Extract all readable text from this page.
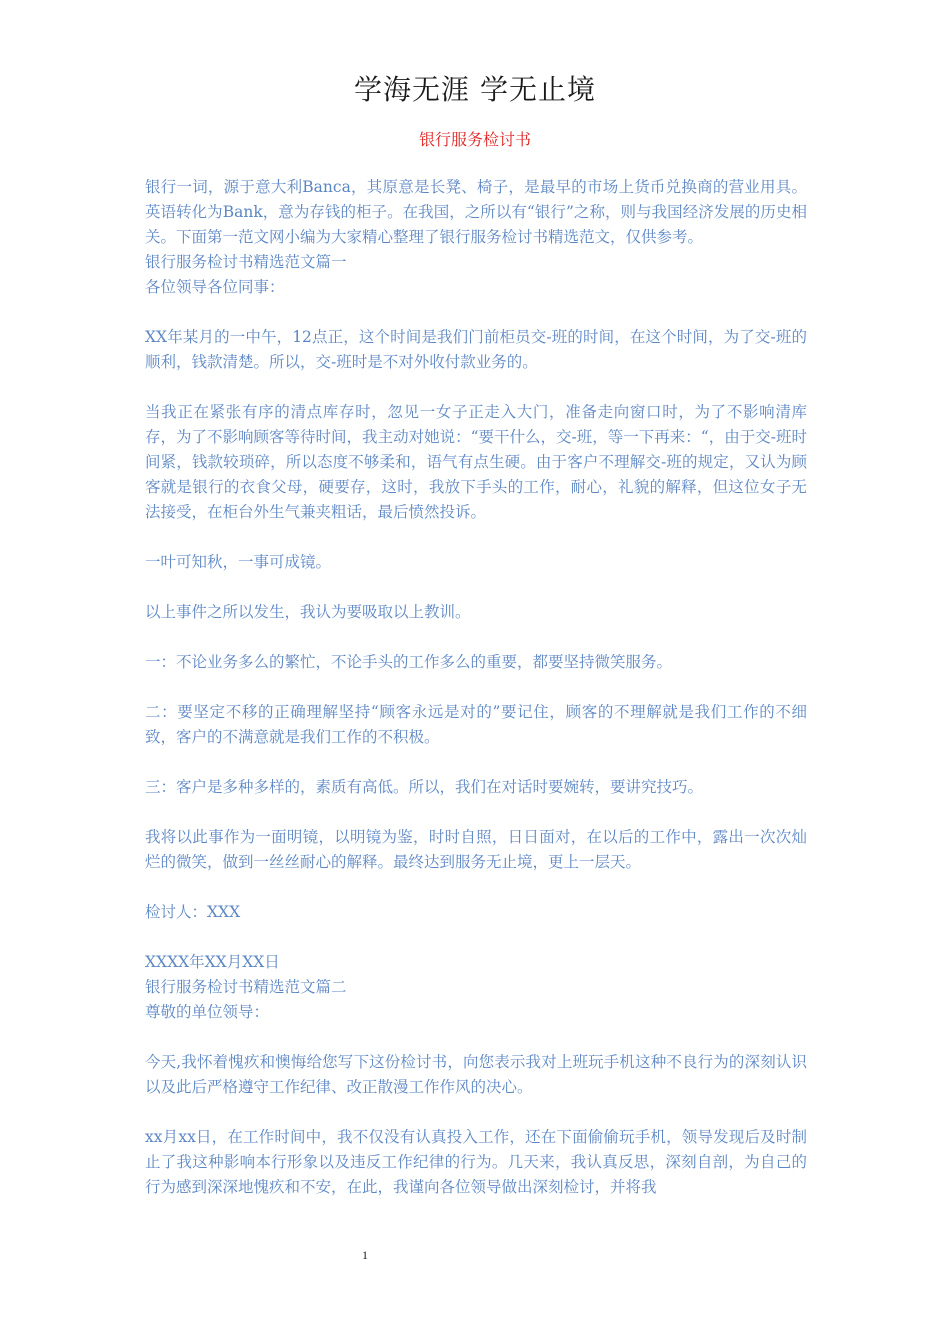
学海无涯 学无止境
银行服务检讨书

银行一词，源于意大利Banca，其原意是长凳、椅子，是最早的市场上货币兑换商的营业用具。英语转化为Bank，意为存钱的柜子。在我国，之所以有“银行”之称，则与我国经济发展的历史相关。下面第一范文网小编为大家精心整理了银行服务检讨书精选范文，仅供参考。

银行服务检讨书精选范文篇一

各位领导各位同事：

XX年某月的一中午，12点正，这个时间是我们门前柜员交-班的时间，在这个时间，为了交-班的顺利，钱款清楚。所以，交-班时是不对外收付款业务的。

当我正在紧张有序的清点库存时，忽见一女子正走入大门，准备走向窗口时，为了不影响清库存，为了不影响顾客等待时间，我主动对她说：“要干什么，交-班，等一下再来：“，由于交-班时间紧，钱款较琐碎，所以态度不够柔和，语气有点生硬。由于客户不理解交-班的规定，又认为顾客就是银行的衣食父母，硬要存，这时，我放下手头的工作，耐心，礼貌的解释，但这位女子无法接受，在柜台外生气兼夹粗话，最后愤然投诉。

一叶可知秋，一事可成镜。

以上事件之所以发生，我认为要吸取以上教训。

一：不论业务多么的繁忙，不论手头的工作多么的重要，都要坚持微笑服务。

二：要坚定不移的正确理解坚持“顾客永远是对的”要记住，顾客的不理解就是我们工作的不细致，客户的不满意就是我们工作的不积极。

三：客户是多种多样的，素质有高低。所以，我们在对话时要婉转，要讲究技巧。

我将以此事作为一面明镜，以明镜为鉴，时时自照，日日面对，在以后的工作中，露出一次次灿烂的微笑，做到一丝丝耐心的解释。最终达到服务无止境，更上一层天。

检讨人：XXX

XXXX年XX月XX日

银行服务检讨书精选范文篇二

尊敬的单位领导：

今天,我怀着愧疚和懊悔给您写下这份检讨书，向您表示我对上班玩手机这种不良行为的深刻认识以及此后严格遵守工作纪律、改正散漫工作作风的决心。

xx月xx日，在工作时间中，我不仅没有认真投入工作，还在下面偷偷玩手机，领导发现后及时制止了我这种影响本行形象以及违反工作纪律的行为。几天来，我认真反思，深刻自剖，为自己的行为感到深深地愧疚和不安，在此，我谨向各位领导做出深刻检讨，并将我

1
